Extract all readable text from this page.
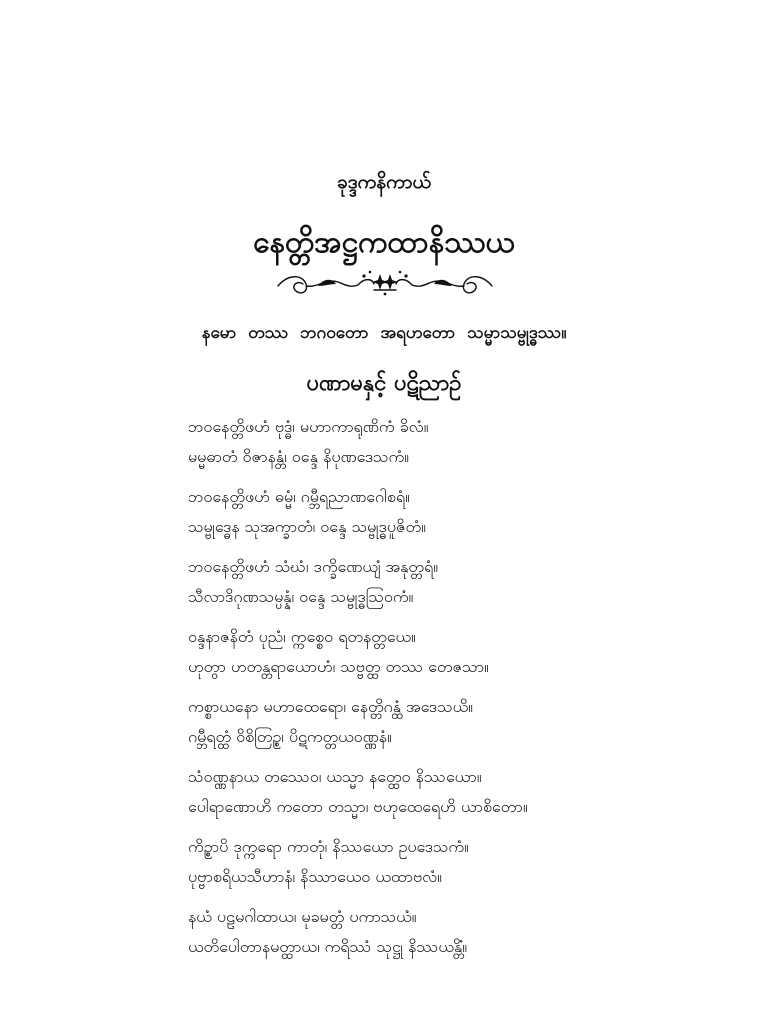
ခုဒ္ဒကနိကာယ်
နေတ္တိအဋ္ဌကထာနိဿယ
နမော တဿ ဘဂဝတော အရဟတော သမ္မာသမ္ဗုဒ္ဓဿ။
ပဏာမနှင့် ပဋိညာဉ်
ဘဝနေတ္တိဖဟံ ဗုဒ္ဓံ၊ မဟာကာရုဏိကံ ခိလံ။
မမ္မဓာတံ ဝိဇာနန္တံ၊ ဝန္ဒေ နိပုဏဒေသကံ။
ဘဝနေတ္တိဖဟံ ဓမ္မံ၊ ဂမ္ဘီရညာဏဂေါစရံ။
သမ္ဗုဒ္ဓေန သုအက္ခာတံ၊ ဝန္ဒေ သမ္ဗုဒ္ဓပူဇိတံ။
ဘဝနေတ္တိဖဟံ သံဃံ၊ ဒက္ခိဏေယျံ အနုတ္တရံ။
သီလာဒိဂုဏသမ္ပန္နံ၊ ဝန္ဒေ သမ္ဗုဒ္ဓသြဝကံ။
ဝန္ဒနာဇနိတံ ပုညံ၊ က္ကစ္စေဝ ရတနတ္တယေ။
ဟုတွာ ဟတန္တရာယောဟံ၊ သဗ္ဗတ္ထ တဿ တေဇသာ။
ကစ္စာယနော မဟာထေရော၊ နေတ္တိဂန္ထံ အဒေသယိ။
ဂမ္ဘီရတ္ထံ ဝိစိတြဉ္စ၊ ပိဋကတ္တယဝဏ္ဏနံ။
သံဝဏ္ဏနာယ တဿေဝ၊ ယသ္မာ နတ္ထေဝ နိဿယော။
ပေါရာဏောဟိ ကတော တသ္မာ၊ ဗဟုထေရေဟိ ယာစိတော။
ကိဉ္စာပိ ဒုက္ကရော ကာတုံ၊ နိဿယော ဥပဒေသကံ။
ပုဗ္ဗာစရိယသီဟာနံ၊ နိဿာယေဝ ယထာဗလံ။
နယံ ပဠမဂါထာယ၊ မုခမတ္တံ ပကာသယံ။
ယတိပေါတာနမတ္ထာယ၊ ကရိဿံ သုဋ္ဌု နိဿယန္တိံ။
